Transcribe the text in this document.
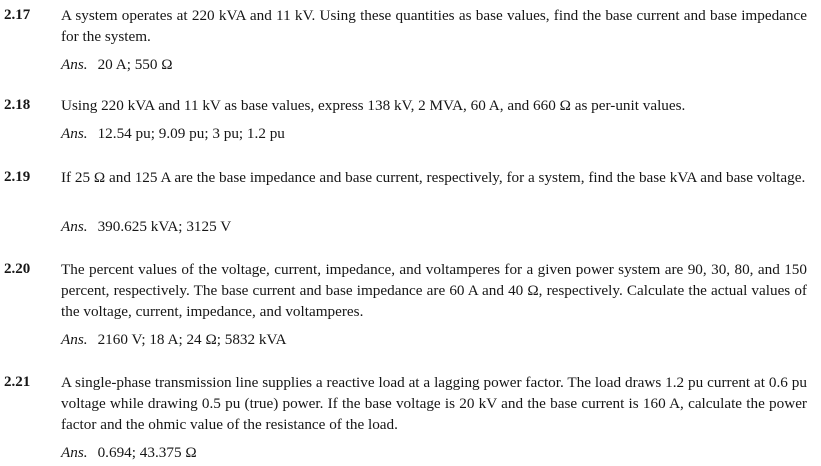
2.17 A system operates at 220 kVA and 11 kV. Using these quantities as base values, find the base current and base impedance for the system.
Ans. 20 A; 550 Ω
2.18 Using 220 kVA and 11 kV as base values, express 138 kV, 2 MVA, 60 A, and 660 Ω as per-unit values.
Ans. 12.54 pu; 9.09 pu; 3 pu; 1.2 pu
2.19 If 25 Ω and 125 A are the base impedance and base current, respectively, for a system, find the base kVA and base voltage.
Ans. 390.625 kVA; 3125 V
2.20 The percent values of the voltage, current, impedance, and voltamperes for a given power system are 90, 30, 80, and 150 percent, respectively. The base current and base impedance are 60 A and 40 Ω, respectively. Calculate the actual values of the voltage, current, impedance, and voltamperes.
Ans. 2160 V; 18 A; 24 Ω; 5832 kVA
2.21 A single-phase transmission line supplies a reactive load at a lagging power factor. The load draws 1.2 pu current at 0.6 pu voltage while drawing 0.5 pu (true) power. If the base voltage is 20 kV and the base current is 160 A, calculate the power factor and the ohmic value of the resistance of the load.
Ans. 0.694; 43.375 Ω
